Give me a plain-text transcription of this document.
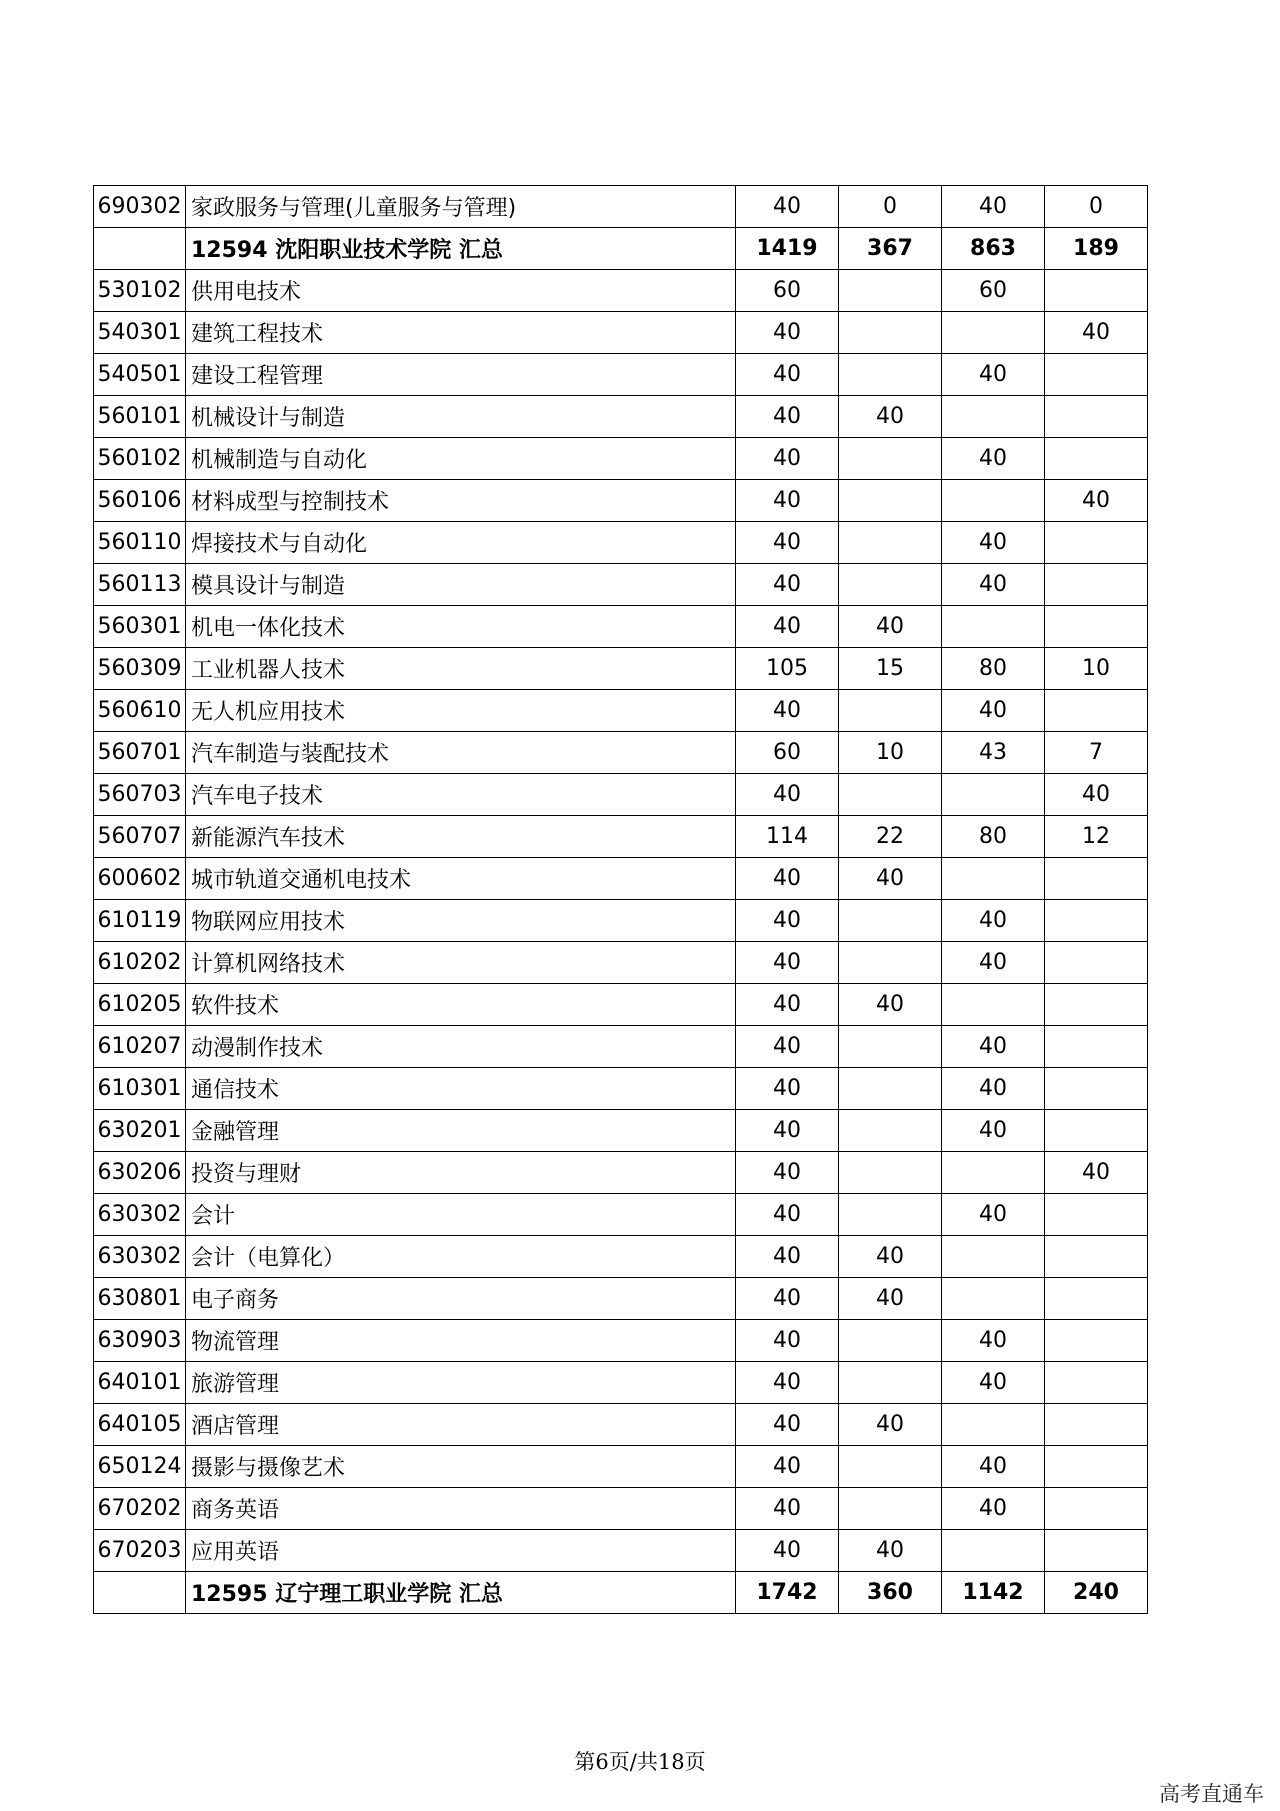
690302	家政服务与管理(儿童服务与管理)	40	0	40	0
	12594 沈阳职业技术学院 汇总	1419	367	863	189
530102	供用电技术	60		60	
540301	建筑工程技术	40			40
540501	建设工程管理	40		40	
560101	机械设计与制造	40	40		
560102	机械制造与自动化	40		40	
560106	材料成型与控制技术	40			40
560110	焊接技术与自动化	40		40	
560113	模具设计与制造	40		40	
560301	机电一体化技术	40	40		
560309	工业机器人技术	105	15	80	10
560610	无人机应用技术	40		40	
560701	汽车制造与装配技术	60	10	43	7
560703	汽车电子技术	40			40
560707	新能源汽车技术	114	22	80	12
600602	城市轨道交通机电技术	40	40		
610119	物联网应用技术	40		40	
610202	计算机网络技术	40		40	
610205	软件技术	40	40		
610207	动漫制作技术	40		40	
610301	通信技术	40		40	
630201	金融管理	40		40	
630206	投资与理财	40			40
630302	会计	40		40	
630302	会计（电算化）	40	40		
630801	电子商务	40	40		
630903	物流管理	40		40	
640101	旅游管理	40		40	
640105	酒店管理	40	40		
650124	摄影与摄像艺术	40		40	
670202	商务英语	40		40	
670203	应用英语	40	40		
	12595 辽宁理工职业学院 汇总	1742	360	1142	240
第6页/共18页
高考直通车
